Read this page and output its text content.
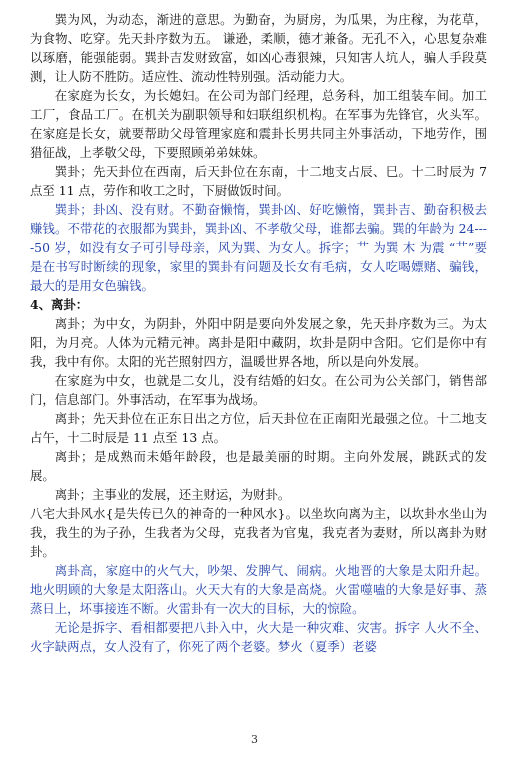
巽为风，为动态，渐进的意思。为勤奋，为厨房，为瓜果，为庄稼，为花草，为食物、吃穿。先天卦序数为五。 谦逊，柔顺，德才兼备。无孔不入，心思复杂难以琢磨，能强能弱。巽卦吉发财致富，如凶心毒狠辣，只知害人坑人，骗人手段莫测，让人防不胜防。适应性、流动性特别强。活动能力大。

在家庭为长女，为长媳妇。在公司为部门经理，总务科，加工组装车间。加工工厂，食品工厂。在机关为副职领导和妇联组织机构。在军事为先锋官，火头军。在家庭是长女，就要帮助父母管理家庭和震卦长男共同主外事活动，下地劳作，围猎征战，上孝敬父母，下要照顾弟弟妹妹。

巽卦；先天卦位在西南，后天卦位在东南，十二地支占辰、巳。十二时辰为 7 点至 11 点，劳作和收工之时，下厨做饭时间。

巽卦；卦凶、没有财。不勤奋懒惰，巽卦凶、好吃懒惰，巽卦吉、勤奋积极去赚钱。不带花的衣服都为巽卦，巽卦凶、不孝敬父母，谁都去骗。巽的年龄为 24----50 岁，如没有女子可引导母亲，风为巽、为女人。拆字；艹 为巽 木 为震 “艹”要是在书写时断续的现象，家里的巽卦有问题及长女有毛病，女人吃喝嫖赌、骗钱，最大的是用女色骗钱。

4、离卦：

离卦；为中女，为阴卦，外阳中阴是要向外发展之象，先天卦序数为三。为太阳，为月亮。人体为元精元神。离卦是阳中藏阴，坎卦是阴中含阳。它们是你中有我，我中有你。太阳的光芒照射四方，温暖世界各地，所以是向外发展。

在家庭为中女，也就是二女儿，没有结婚的妇女。在公司为公关部门，销售部门，信息部门。外事活动，在军事为战场。

离卦；先天卦位在正东日出之方位，后天卦位在正南阳光最强之位。十二地支占午，十二时辰是 11 点至 13 点。

离卦；是成熟而未婚年龄段，也是最美丽的时期。主向外发展，跳跃式的发展。

离卦；主事业的发展，还主财运，为财卦。

八宅大卦风水{是失传已久的神奇的一种风水}。以坐坎向离为主，以坎卦水坐山为我，我生的为子孙，生我者为父母，克我者为官鬼，我克者为妻财，所以离卦为财卦。

离卦高，家庭中的火气大，吵架、发脾气、闹病。火地晋的大象是太阳升起。地火明顾的大象是太阳落山。火天大有的大象是高烧。火雷噬嗑的大象是好事、蒸蒸日上，坏事接连不断。火雷卦有一次大的目标，大的惊险。

无论是拆字、看相都要把八卦入中，火大是一种灾难、灾害。拆字 人火不全、火字缺两点，女人没有了，你死了两个老婆。梦火（夏季）老婆

3
